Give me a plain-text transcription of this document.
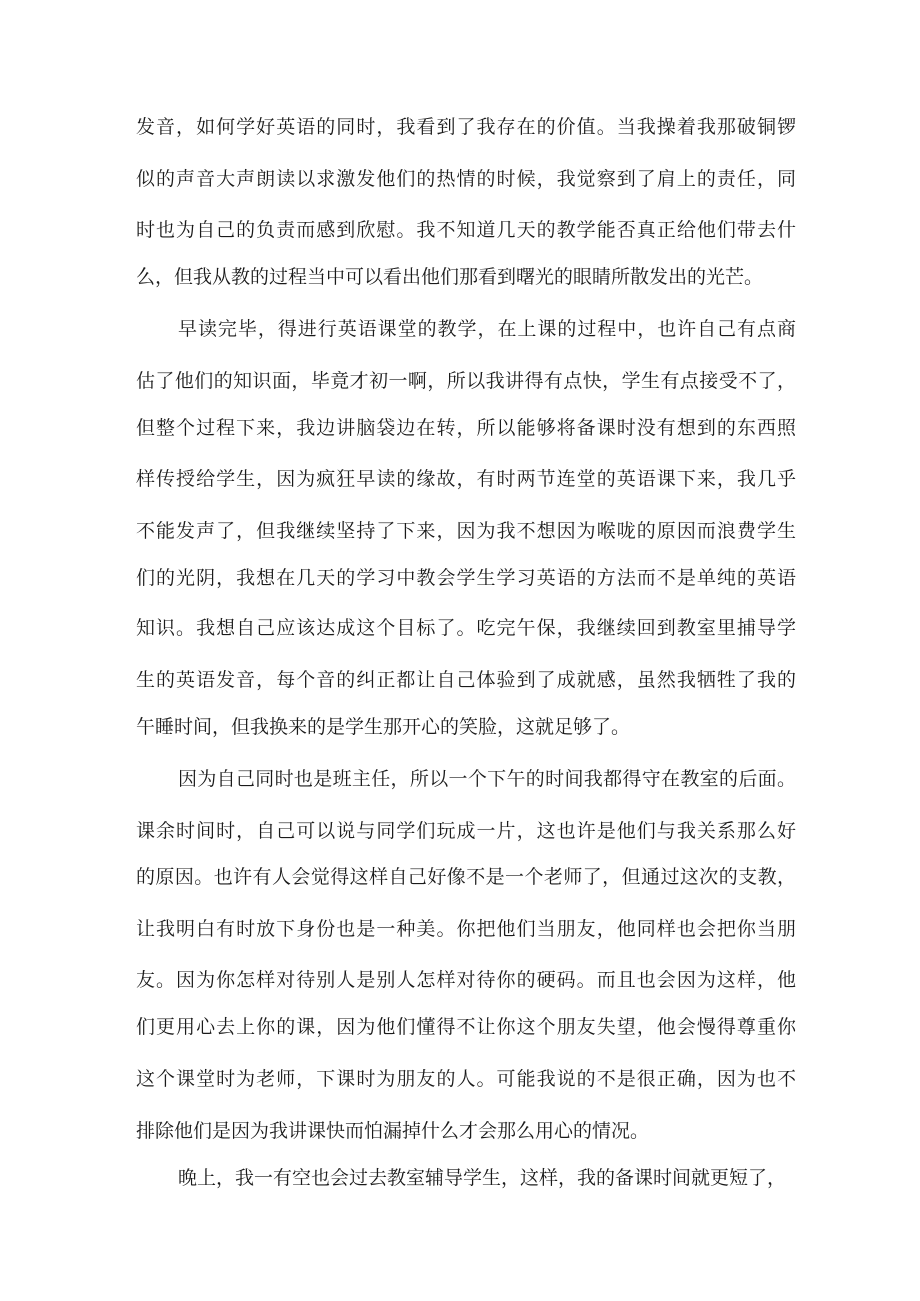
发音，如何学好英语的同时，我看到了我存在的价值。当我操着我那破铜锣
似的声音大声朗读以求激发他们的热情的时候，我觉察到了肩上的责任，同
时也为自己的负责而感到欣慰。我不知道几天的教学能否真正给他们带去什
么，但我从教的过程当中可以看出他们那看到曙光的眼睛所散发出的光芒。
早读完毕，得进行英语课堂的教学，在上课的过程中，也许自己有点商
估了他们的知识面，毕竟才初一啊，所以我讲得有点快，学生有点接受不了，
但整个过程下来，我边讲脑袋边在转，所以能够将备课时没有想到的东西照
样传授给学生，因为疯狂早读的缘故，有时两节连堂的英语课下来，我几乎
不能发声了，但我继续坚持了下来，因为我不想因为喉咙的原因而浪费学生
们的光阴，我想在几天的学习中教会学生学习英语的方法而不是单纯的英语
知识。我想自己应该达成这个目标了。吃完午保，我继续回到教室里捕导学
生的英语发音，每个音的纠正都让自己体验到了成就感，虽然我牺牲了我的
午睡时间，但我换来的是学生那开心的笑脸，这就足够了。
因为自己同时也是班主任，所以一个下午的时间我都得守在教室的后面。
课余时间时，自己可以说与同学们玩成一片，这也许是他们与我关系那么好
的原因。也许有人会觉得这样自己好像不是一个老师了，但通过这次的支教，
让我明白有时放下身份也是一种美。你把他们当朋友，他同样也会把你当朋
友。因为你怎样对待别人是别人怎样对待你的硬码。而且也会因为这样，他
们更用心去上你的课，因为他们懂得不让你这个朋友失望，他会慢得尊重你
这个课堂时为老师，下课时为朋友的人。可能我说的不是很正确，因为也不
排除他们是因为我讲课快而怕漏掉什么才会那么用心的情况。
晚上，我一有空也会过去教室辅导学生，这样，我的备课时间就更短了，
